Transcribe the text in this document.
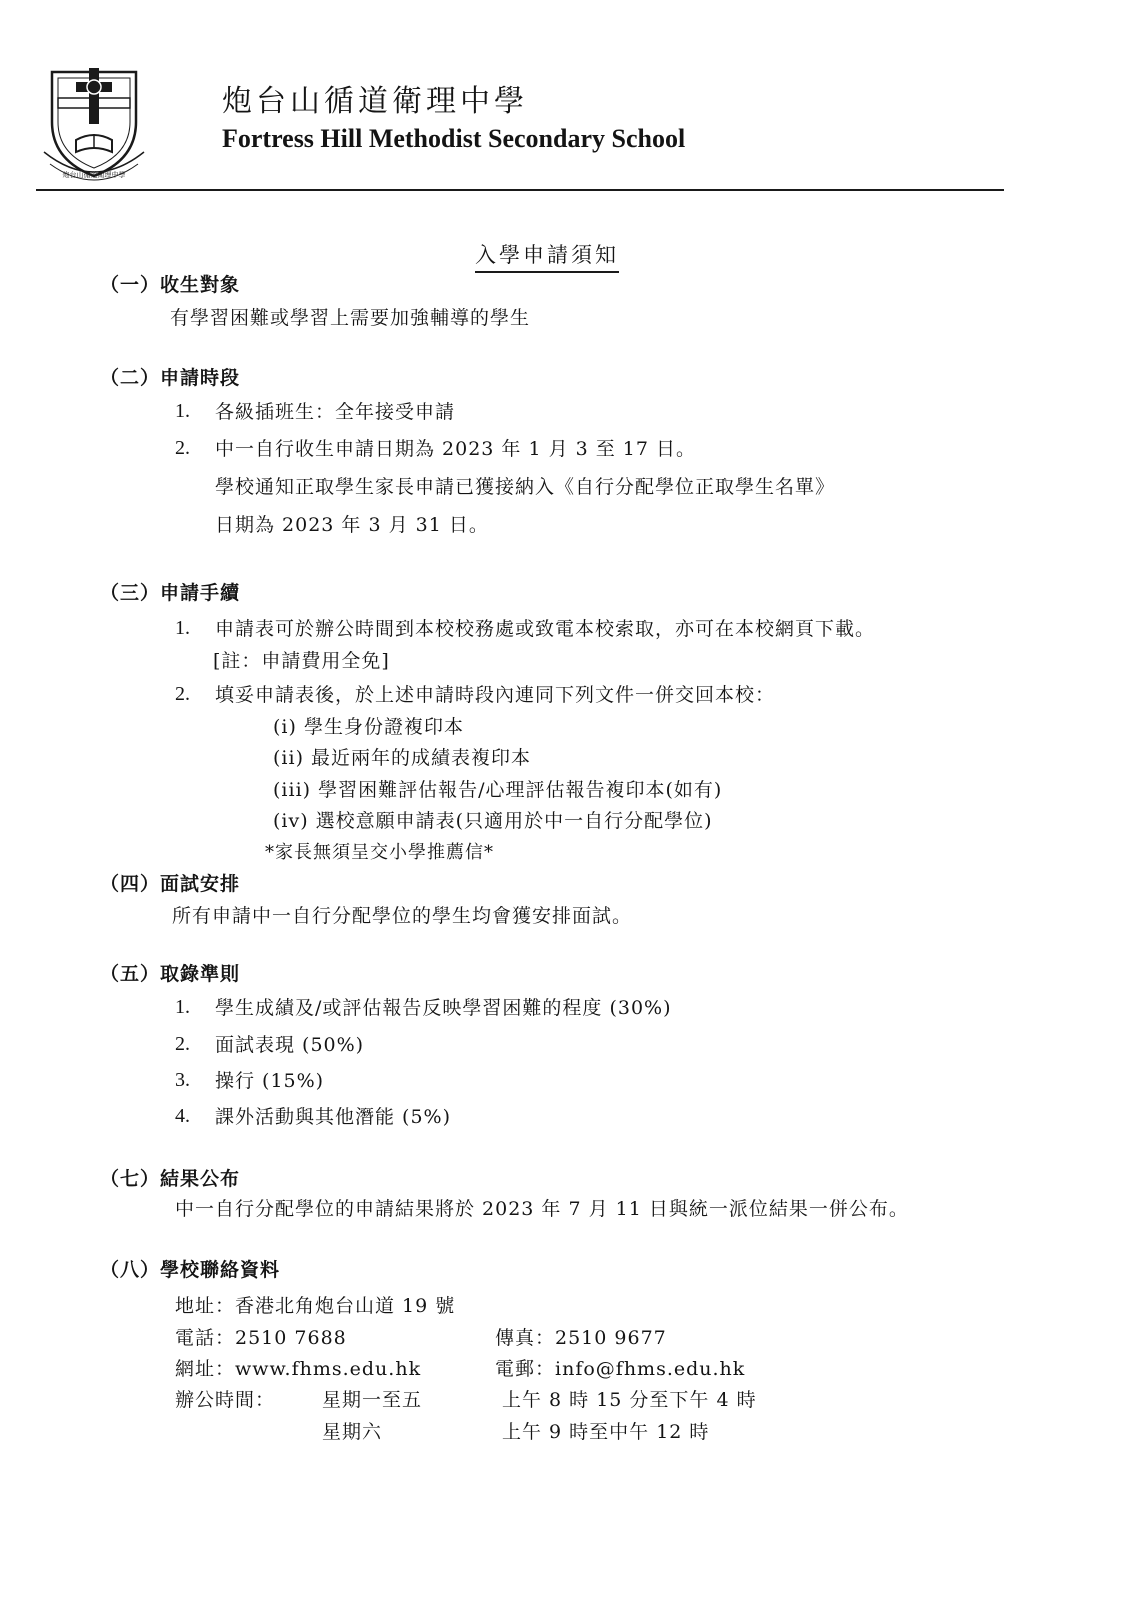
炮台山循道衛理中學
炮台山循道衛理中學
Fortress Hill Methodist Secondary School
入學申請須知
（一）收生對象
有學習困難或學習上需要加強輔導的學生
（二）申請時段
1. 各級插班生：全年接受申請
2. 中一自行收生申請日期為 2023 年 1 月 3 至 17 日。
學校通知正取學生家長申請已獲接納入《自行分配學位正取學生名單》
日期為 2023 年 3 月 31 日。
（三）申請手續
1. 申請表可於辦公時間到本校校務處或致電本校索取，亦可在本校網頁下載。
[註：申請費用全免]
2. 填妥申請表後，於上述申請時段內連同下列文件一併交回本校：
(i) 學生身份證複印本
(ii) 最近兩年的成績表複印本
(iii) 學習困難評估報告/心理評估報告複印本(如有)
(iv) 選校意願申請表(只適用於中一自行分配學位)
*家長無須呈交小學推薦信*
（四）面試安排
所有申請中一自行分配學位的學生均會獲安排面試。
（五）取錄準則
1. 學生成績及/或評估報告反映學習困難的程度 (30%)
2. 面試表現 (50%)
3. 操行 (15%)
4. 課外活動與其他潛能 (5%)
（七）結果公布
中一自行分配學位的申請結果將於 2023 年 7 月 11 日與統一派位結果一併公布。
（八）學校聯絡資料
地址：香港北角炮台山道 19 號
電話：2510 7688	傳真：2510 9677
網址：www.fhms.edu.hk	電郵：info@fhms.edu.hk
辦公時間： 星期一至五	上午 8 時 15 分至下午 4 時
星期六	上午 9 時至中午 12 時
